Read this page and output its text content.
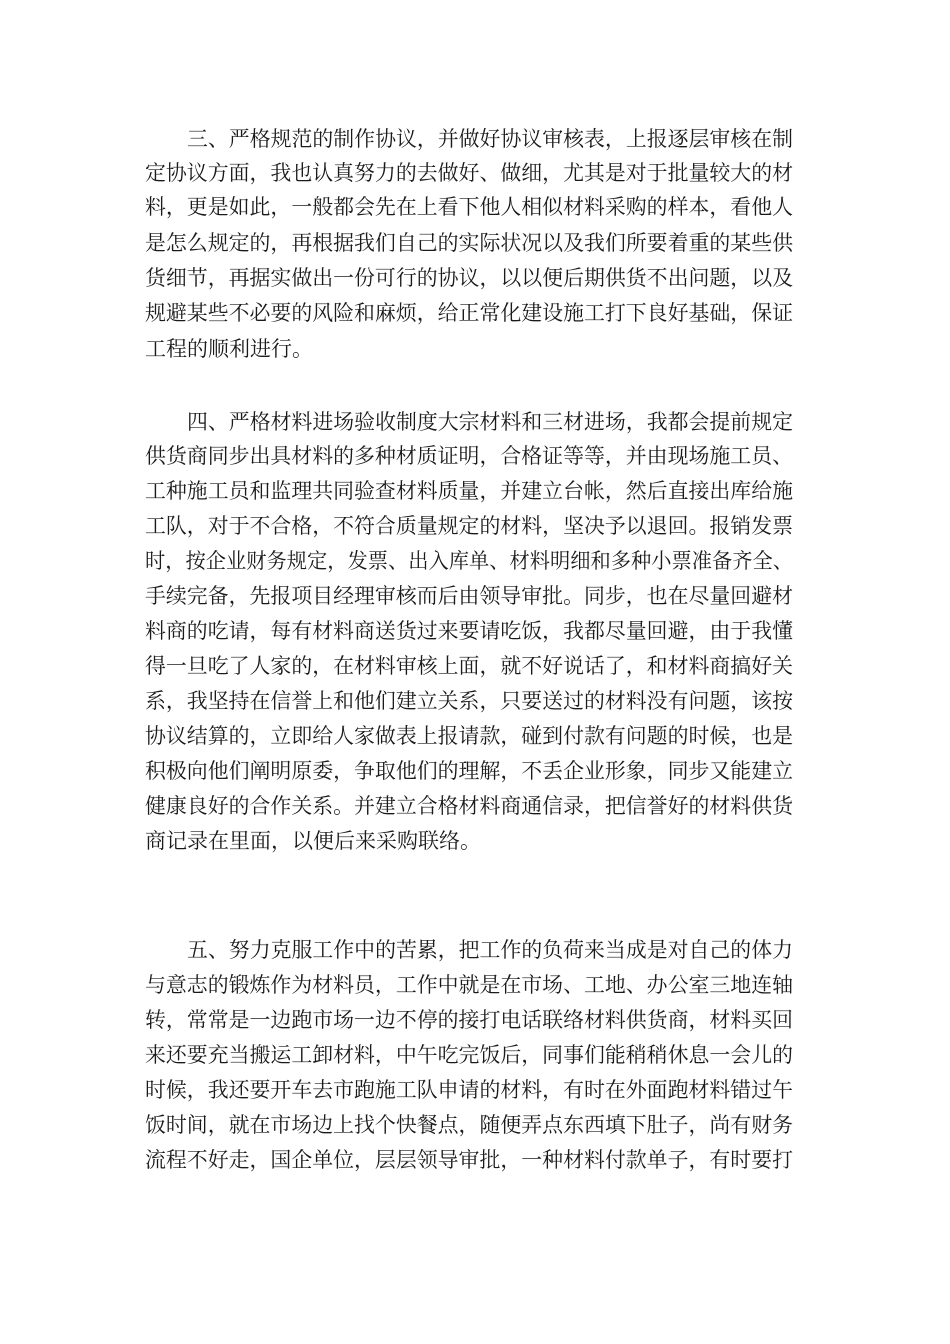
三、严格规范的制作协议，并做好协议审核表，上报逐层审核在制
定协议方面，我也认真努力的去做好、做细，尤其是对于批量较大的材
料，更是如此，一般都会先在上看下他人相似材料采购的样本，看他人
是怎么规定的，再根据我们自己的实际状况以及我们所要着重的某些供
货细节，再据实做出一份可行的协议，以以便后期供货不出问题，以及
规避某些不必要的风险和麻烦，给正常化建设施工打下良好基础，保证
工程的顺利进行。
四、严格材料进场验收制度大宗材料和三材进场，我都会提前规定
供货商同步出具材料的多种材质证明，合格证等等，并由现场施工员、
工种施工员和监理共同验查材料质量，并建立台帐，然后直接出库给施
工队，对于不合格，不符合质量规定的材料，坚决予以退回。报销发票
时，按企业财务规定，发票、出入库单、材料明细和多种小票准备齐全、
手续完备，先报项目经理审核而后由领导审批。同步，也在尽量回避材
料商的吃请，每有材料商送货过来要请吃饭，我都尽量回避，由于我懂
得一旦吃了人家的，在材料审核上面，就不好说话了，和材料商搞好关
系，我坚持在信誉上和他们建立关系，只要送过的材料没有问题，该按
协议结算的，立即给人家做表上报请款，碰到付款有问题的时候，也是
积极向他们阐明原委，争取他们的理解，不丢企业形象，同步又能建立
健康良好的合作关系。并建立合格材料商通信录，把信誉好的材料供货
商记录在里面，以便后来采购联络。
五、努力克服工作中的苦累，把工作的负荷来当成是对自己的体力
与意志的锻炼作为材料员，工作中就是在市场、工地、办公室三地连轴
转，常常是一边跑市场一边不停的接打电话联络材料供货商，材料买回
来还要充当搬运工卸材料，中午吃完饭后，同事们能稍稍休息一会儿的
时候，我还要开车去市跑施工队申请的材料，有时在外面跑材料错过午
饭时间，就在市场边上找个快餐点，随便弄点东西填下肚子，尚有财务
流程不好走，国企单位，层层领导审批，一种材料付款单子，有时要打
